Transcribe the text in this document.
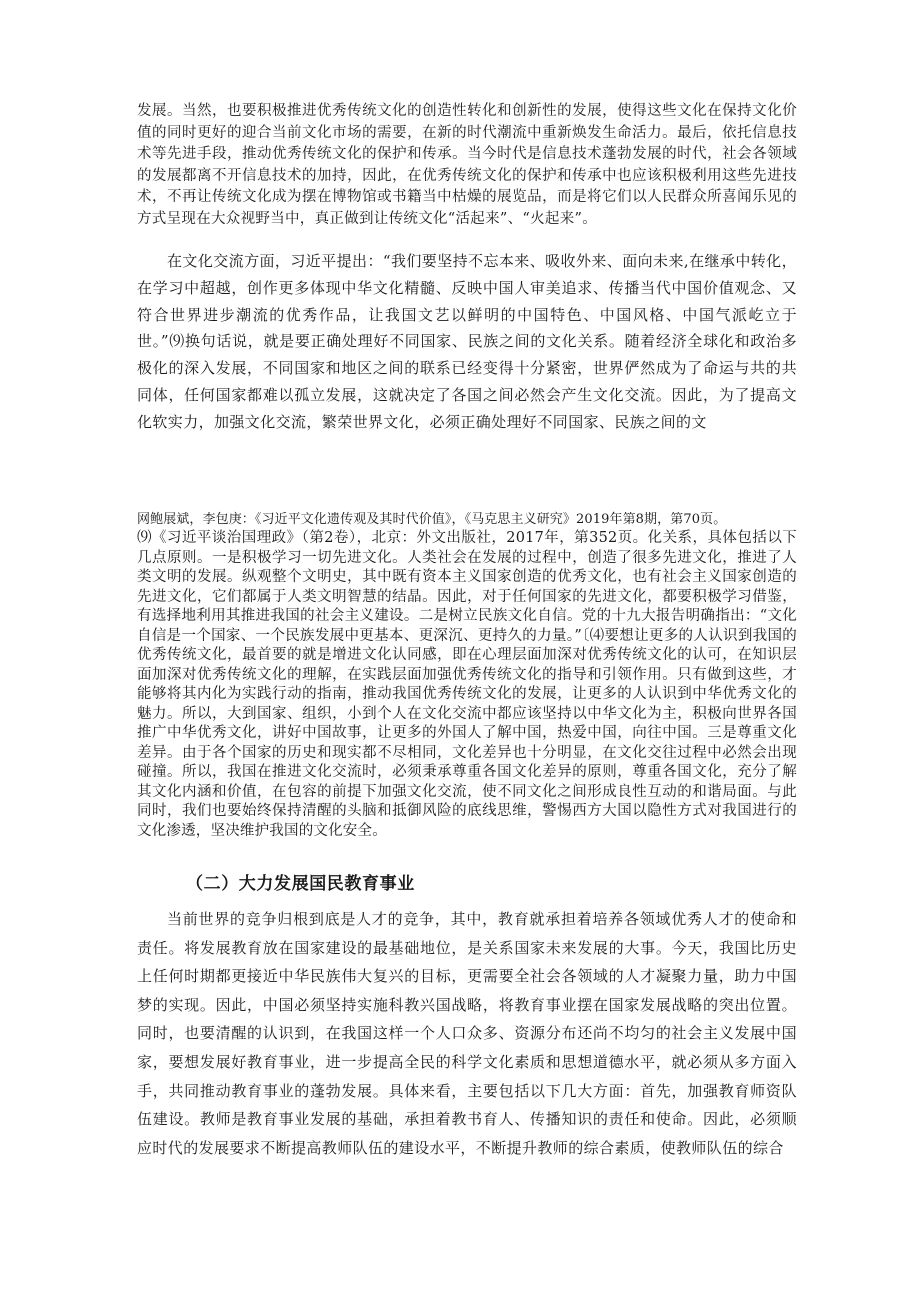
发展。当然，也要积极推进优秀传统文化的创造性转化和创新性的发展，使得这些文化在保持文化价值的同时更好的迎合当前文化市场的需要，在新的时代潮流中重新焕发生命活力。最后，依托信息技术等先进手段，推动优秀传统文化的保护和传承。当今时代是信息技术蓬勃发展的时代，社会各领域的发展都离不开信息技术的加持，因此，在优秀传统文化的保护和传承中也应该积极利用这些先进技术，不再让传统文化成为摆在博物馆或书籍当中枯燥的展览品，而是将它们以人民群众所喜闻乐见的方式呈现在大众视野当中，真正做到让传统文化“活起来”、“火起来”。

在文化交流方面，习近平提出：“我们要坚持不忘本来、吸收外来、面向未来,在继承中转化，在学习中超越，创作更多体现中华文化精髓、反映中国人审美追求、传播当代中国价值观念、又符合世界进步潮流的优秀作品，让我国文艺以鲜明的中国特色、中国风格、中国气派屹立于世。”⑼换句话说，就是要正确处理好不同国家、民族之间的文化关系。随着经济全球化和政治多极化的深入发展，不同国家和地区之间的联系已经变得十分紧密，世界俨然成为了命运与共的共同体，任何国家都难以孤立发展，这就决定了各国之间必然会产生文化交流。因此，为了提高文化软实力，加强文化交流，繁荣世界文化，必须正确处理好不同国家、民族之间的文

网鲍展斌，李包庚：《习近平文化遗传观及其时代价值》，《马克思主义研究》2019年第8期，第70页。

⑼《习近平谈治国理政》（第2卷），北京：外文出版社，2017年，第352页。化关系，具体包括以下几点原则。一是积极学习一切先进文化。人类社会在发展的过程中，创造了很多先进文化，推进了人类文明的发展。纵观整个文明史，其中既有资本主义国家创造的优秀文化，也有社会主义国家创造的先进文化，它们都属于人类文明智慧的结晶。因此，对于任何国家的先进文化，都要积极学习借鉴，有选择地利用其推进我国的社会主义建设。二是树立民族文化自信。党的十九大报告明确指出：“文化自信是一个国家、一个民族发展中更基本、更深沉、更持久的力量。”〔⑷要想让更多的人认识到我国的优秀传统文化，最首要的就是增进文化认同感，即在心理层面加深对优秀传统文化的认可，在知识层面加深对优秀传统文化的理解，在实践层面加强优秀传统文化的指导和引领作用。只有做到这些，才能够将其内化为实践行动的指南，推动我国优秀传统文化的发展，让更多的人认识到中华优秀文化的魅力。所以，大到国家、组织，小到个人在文化交流中都应该坚持以中华文化为主，积极向世界各国推广中华优秀文化，讲好中国故事，让更多的外国人了解中国，热爱中国，向往中国。三是尊重文化差异。由于各个国家的历史和现实都不尽相同，文化差异也十分明显，在文化交往过程中必然会出现碰撞。所以，我国在推进文化交流时，必须秉承尊重各国文化差异的原则，尊重各国文化，充分了解其文化内涵和价值，在包容的前提下加强文化交流，使不同文化之间形成良性互动的和谐局面。与此同时，我们也要始终保持清醒的头脑和抵御风险的底线思维，警惕西方大国以隐性方式对我国进行的文化渗透，坚决维护我国的文化安全。

（二）大力发展国民教育事业

当前世界的竞争归根到底是人才的竞争，其中，教育就承担着培养各领域优秀人才的使命和责任。将发展教育放在国家建设的最基础地位，是关系国家未来发展的大事。今天，我国比历史上任何时期都更接近中华民族伟大复兴的目标，更需要全社会各领域的人才凝聚力量，助力中国梦的实现。因此，中国必须坚持实施科教兴国战略，将教育事业摆在国家发展战略的突出位置。同时，也要清醒的认识到，在我国这样一个人口众多、资源分布还尚不均匀的社会主义发展中国家，要想发展好教育事业，进一步提高全民的科学文化素质和思想道德水平，就必须从多方面入手，共同推动教育事业的蓬勃发展。具体来看，主要包括以下几大方面：首先，加强教育师资队伍建设。教师是教育事业发展的基础，承担着教书育人、传播知识的责任和使命。因此，必须顺应时代的发展要求不断提高教师队伍的建设水平，不断提升教师的综合素质，使教师队伍的综合
